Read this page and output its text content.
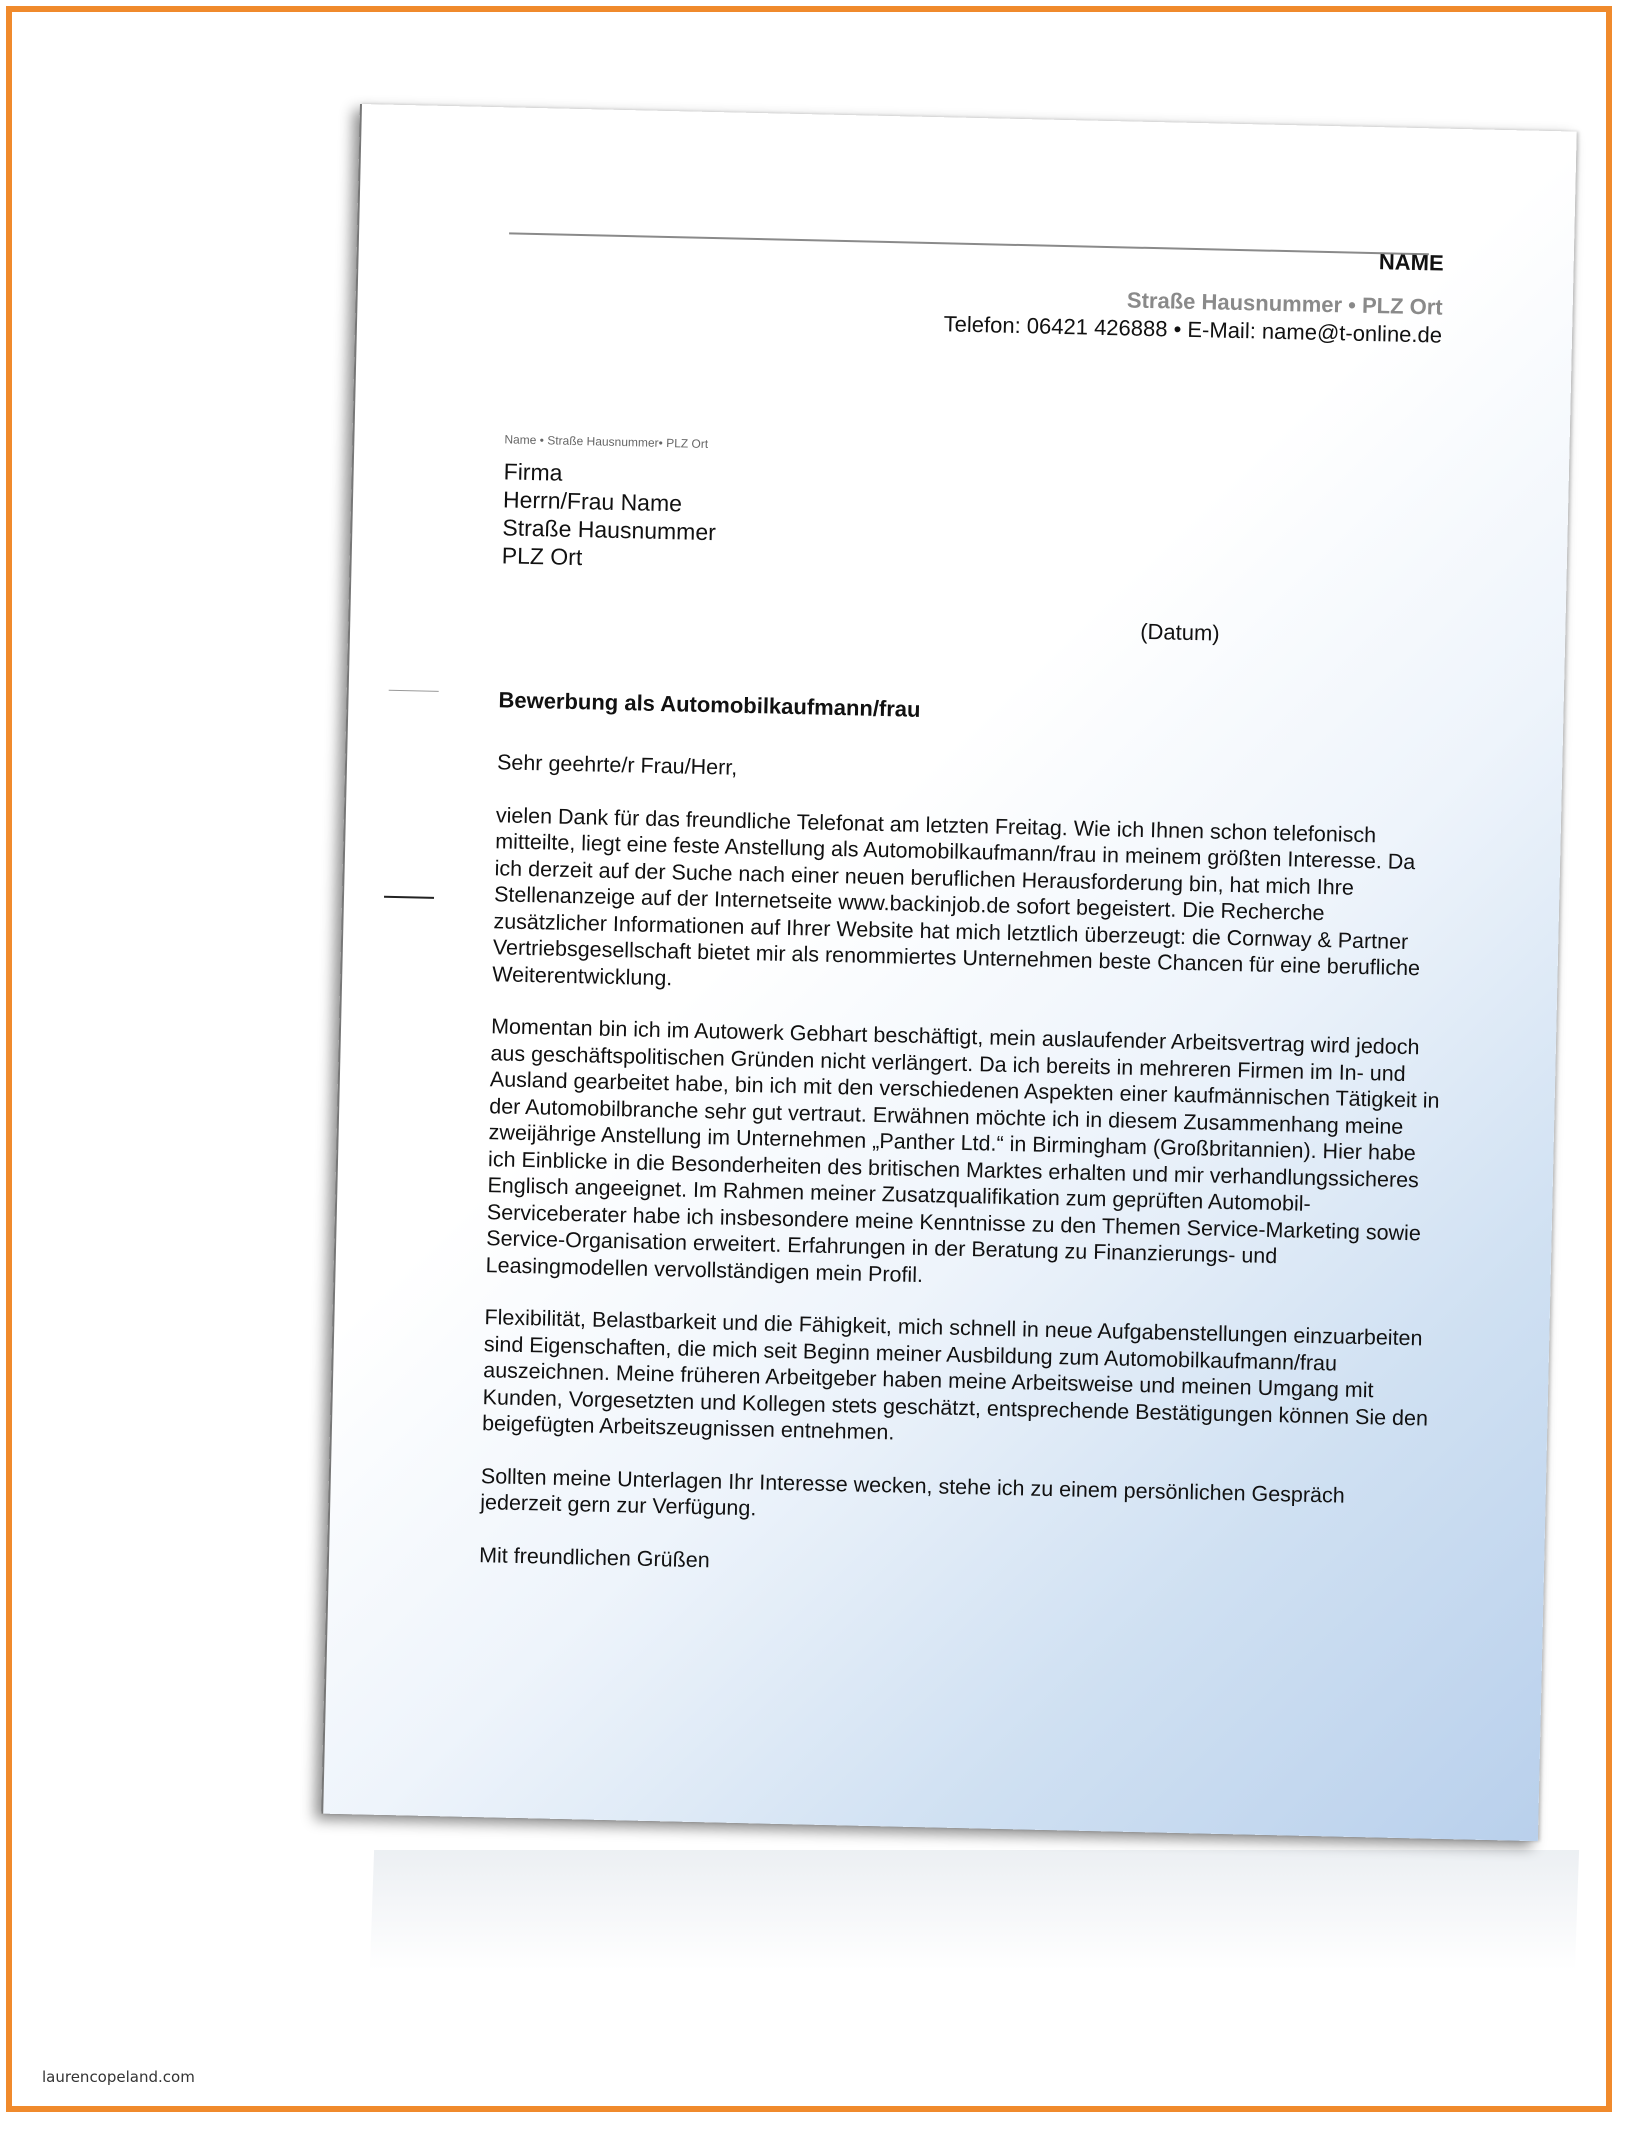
NAME
Straße Hausnummer • PLZ Ort
Telefon: 06421 426888 • E-Mail: name@t-online.de
Name • Straße Hausnummer• PLZ Ort
Firma
Herrn/Frau Name
Straße Hausnummer
PLZ Ort
(Datum)
Bewerbung als Automobilkaufmann/frau

Sehr geehrte/r Frau/Herr,

vielen Dank für das freundliche Telefonat am letzten Freitag. Wie ich Ihnen schon telefonisch mitteilte, liegt eine feste Anstellung als Automobilkaufmann/frau in meinem größten Interesse. Da ich derzeit auf der Suche nach einer neuen beruflichen Herausforderung bin, hat mich Ihre Stellenanzeige auf der Internetseite www.backinjob.de sofort begeistert. Die Recherche zusätzlicher Informationen auf Ihrer Website hat mich letztlich überzeugt: die Cornway & Partner Vertriebsgesellschaft bietet mir als renommiertes Unternehmen beste Chancen für eine berufliche Weiterentwicklung.

Momentan bin ich im Autowerk Gebhart beschäftigt, mein auslaufender Arbeitsvertrag wird jedoch aus geschäftspolitischen Gründen nicht verlängert. Da ich bereits in mehreren Firmen im In- und Ausland gearbeitet habe, bin ich mit den verschiedenen Aspekten einer kaufmännischen Tätigkeit in der Automobilbranche sehr gut vertraut. Erwähnen möchte ich in diesem Zusammenhang meine zweijährige Anstellung im Unternehmen „Panther Ltd.“ in Birmingham (Großbritannien). Hier habe ich Einblicke in die Besonderheiten des britischen Marktes erhalten und mir verhandlungssicheres Englisch angeeignet. Im Rahmen meiner Zusatzqualifikation zum geprüften Automobil-Serviceberater habe ich insbesondere meine Kenntnisse zu den Themen Service-Marketing sowie Service-Organisation erweitert. Erfahrungen in der Beratung zu Finanzierungs- und Leasingmodellen vervollständigen mein Profil.

Flexibilität, Belastbarkeit und die Fähigkeit, mich schnell in neue Aufgabenstellungen einzuarbeiten sind Eigenschaften, die mich seit Beginn meiner Ausbildung zum Automobilkaufmann/frau auszeichnen. Meine früheren Arbeitgeber haben meine Arbeitsweise und meinen Umgang mit Kunden, Vorgesetzten und Kollegen stets geschätzt, entsprechende Bestätigungen können Sie den beigefügten Arbeitszeugnissen entnehmen.

Sollten meine Unterlagen Ihr Interesse wecken, stehe ich zu einem persönlichen Gespräch jederzeit gern zur Verfügung.

Mit freundlichen Grüßen

laurencopeland.com
